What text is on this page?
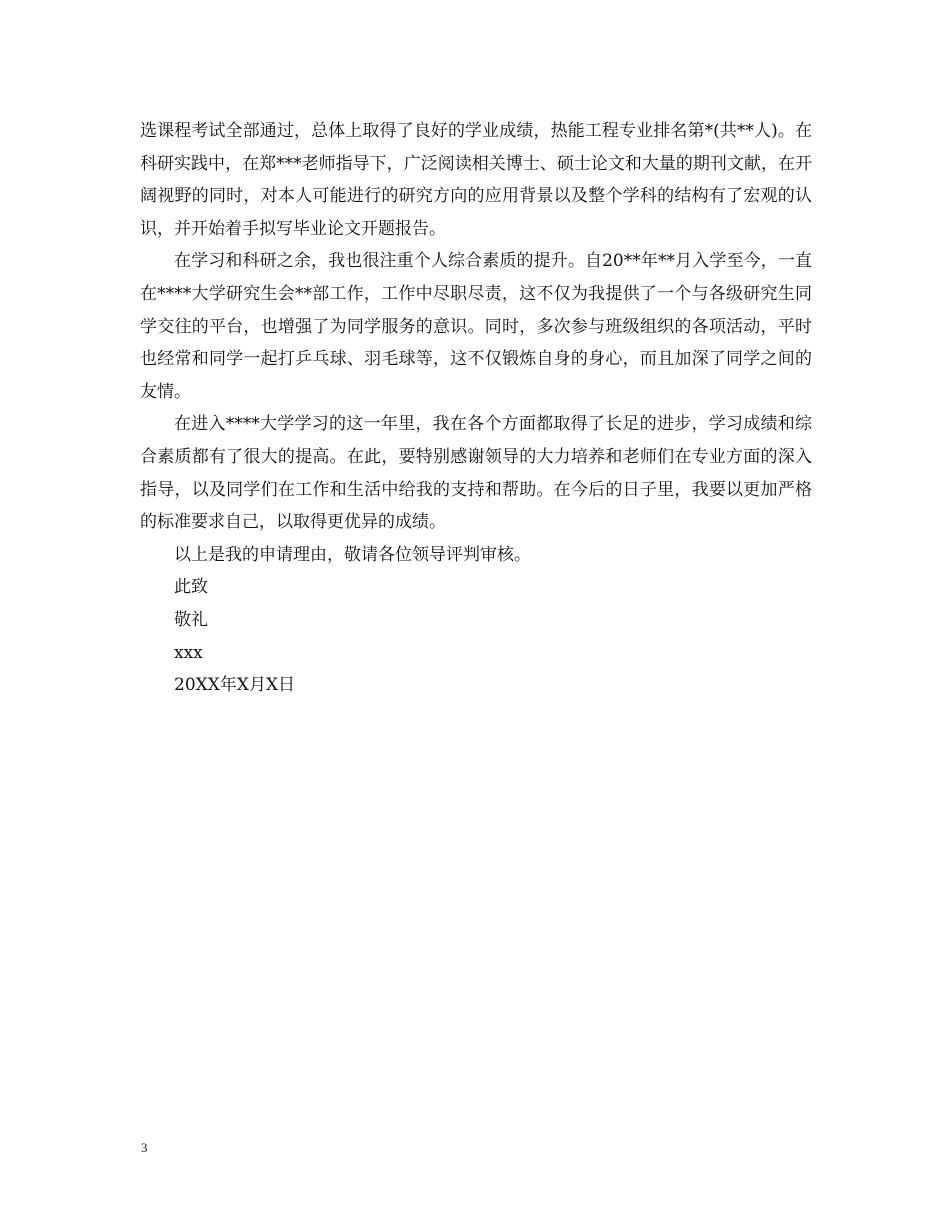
选课程考试全部通过，总体上取得了良好的学业成绩，热能工程专业排名第*(共**人)。在科研实践中，在郑***老师指导下，广泛阅读相关博士、硕士论文和大量的期刊文献，在开阔视野的同时，对本人可能进行的研究方向的应用背景以及整个学科的结构有了宏观的认识，并开始着手拟写毕业论文开题报告。

在学习和科研之余，我也很注重个人综合素质的提升。自20**年**月入学至今，一直在****大学研究生会**部工作，工作中尽职尽责，这不仅为我提供了一个与各级研究生同学交往的平台，也增强了为同学服务的意识。同时，多次参与班级组织的各项活动，平时也经常和同学一起打乒乓球、羽毛球等，这不仅锻炼自身的身心，而且加深了同学之间的友情。

在进入****大学学习的这一年里，我在各个方面都取得了长足的进步，学习成绩和综合素质都有了很大的提高。在此，要特别感谢领导的大力培养和老师们在专业方面的深入指导，以及同学们在工作和生活中给我的支持和帮助。在今后的日子里，我要以更加严格的标准要求自己，以取得更优异的成绩。

以上是我的申请理由，敬请各位领导评判审核。

此致

敬礼

xxx

20XX年X月X日

3
